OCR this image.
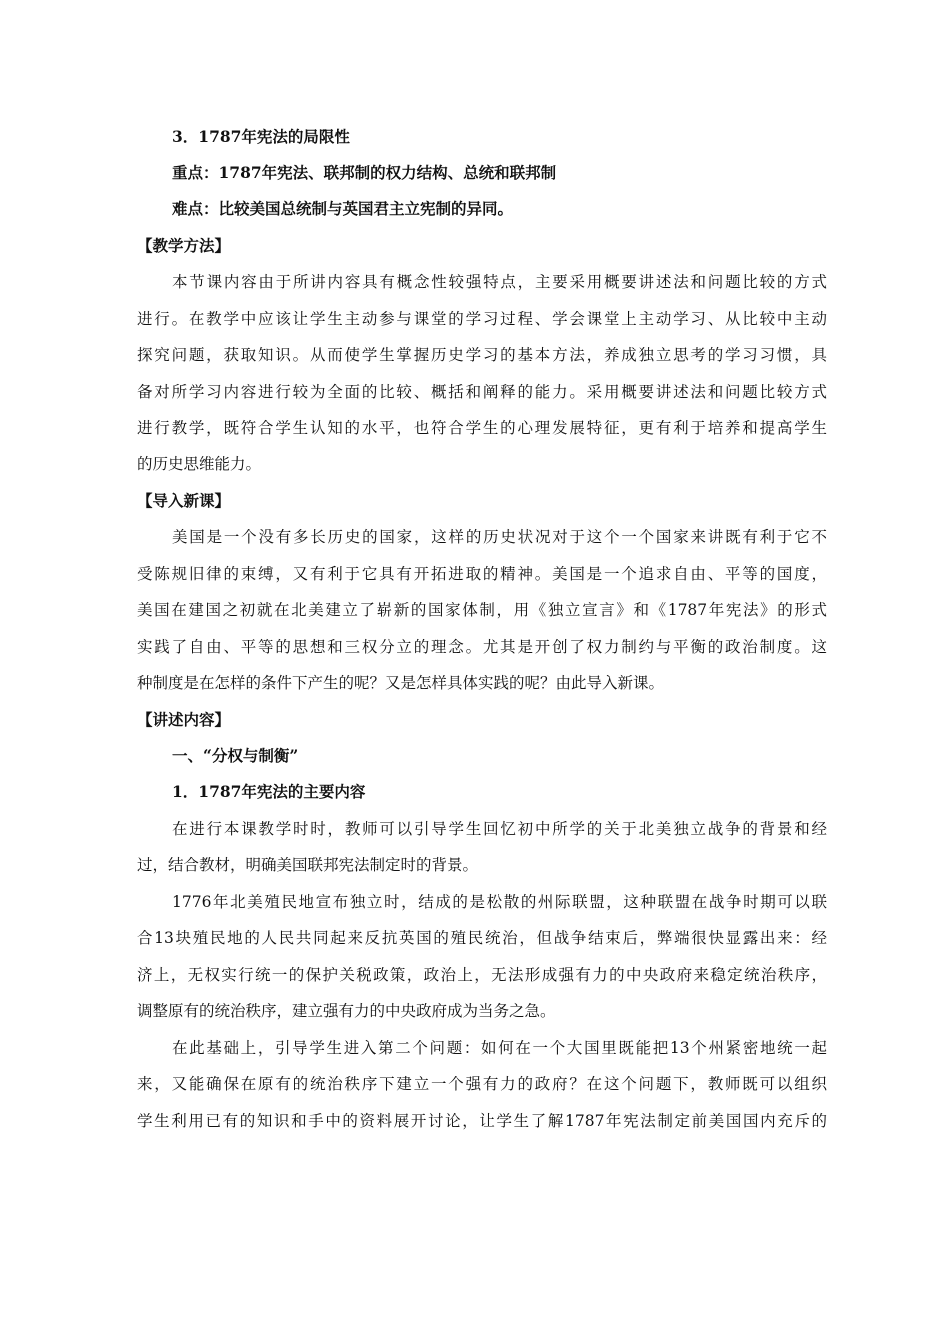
3．1787年宪法的局限性
重点：1787年宪法、联邦制的权力结构、总统和联邦制
难点：比较美国总统制与英国君主立宪制的异同。
【教学方法】
本节课内容由于所讲内容具有概念性较强特点，主要采用概要讲述法和问题比较的方式
进行。在教学中应该让学生主动参与课堂的学习过程、学会课堂上主动学习、从比较中主动
探究问题，获取知识。从而使学生掌握历史学习的基本方法，养成独立思考的学习习惯，具
备对所学习内容进行较为全面的比较、概括和阐释的能力。采用概要讲述法和问题比较方式
进行教学，既符合学生认知的水平，也符合学生的心理发展特征，更有利于培养和提高学生
的历史思维能力。
【导入新课】
美国是一个没有多长历史的国家，这样的历史状况对于这个一个国家来讲既有利于它不
受陈规旧律的束缚，又有利于它具有开拓进取的精神。美国是一个追求自由、平等的国度，
美国在建国之初就在北美建立了崭新的国家体制，用《独立宣言》和《1787年宪法》的形式
实践了自由、平等的思想和三权分立的理念。尤其是开创了权力制约与平衡的政治制度。这
种制度是在怎样的条件下产生的呢？又是怎样具体实践的呢？由此导入新课。
【讲述内容】
一、“分权与制衡”
1．1787年宪法的主要内容
在进行本课教学时时，教师可以引导学生回忆初中所学的关于北美独立战争的背景和经
过，结合教材，明确美国联邦宪法制定时的背景。
1776年北美殖民地宣布独立时，结成的是松散的州际联盟，这种联盟在战争时期可以联
合13块殖民地的人民共同起来反抗英国的殖民统治，但战争结束后，弊端很快显露出来：经
济上，无权实行统一的保护关税政策，政治上，无法形成强有力的中央政府来稳定统治秩序，
调整原有的统治秩序，建立强有力的中央政府成为当务之急。
在此基础上，引导学生进入第二个问题：如何在一个大国里既能把13个州紧密地统一起
来，又能确保在原有的统治秩序下建立一个强有力的政府？在这个问题下，教师既可以组织
学生利用已有的知识和手中的资料展开讨论，让学生了解1787年宪法制定前美国国内充斥的
